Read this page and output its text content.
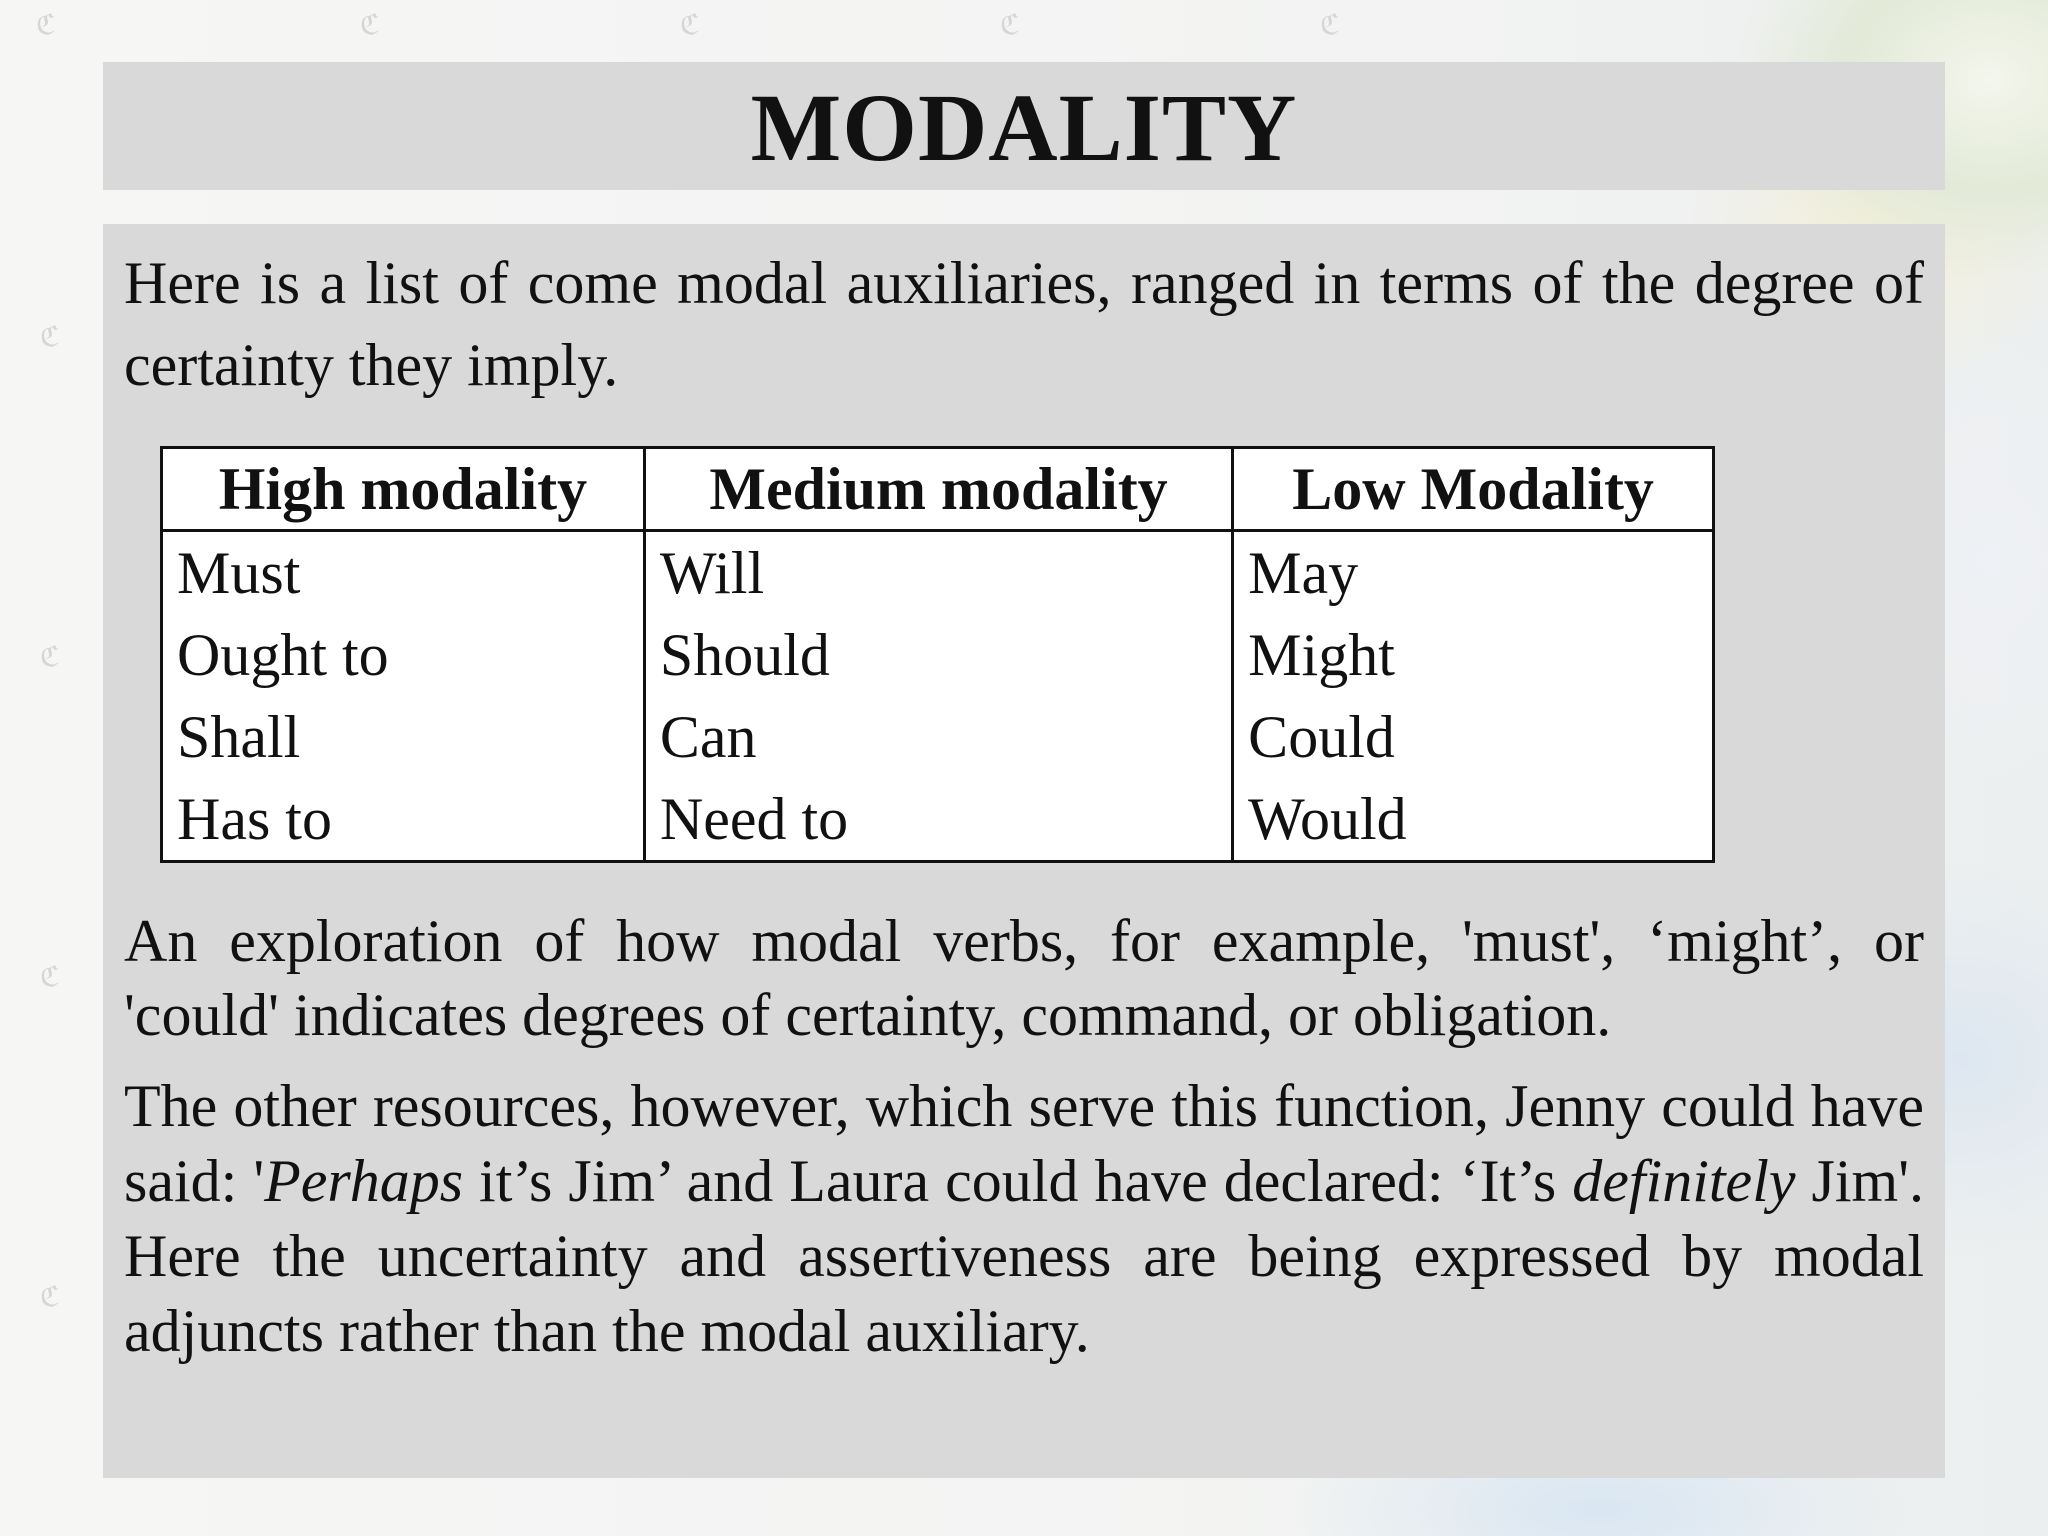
ℭ	ℭ	ℭ	ℭ	ℭ
ℭ
ℭ
ℭ
ℭ
MODALITY

Here is a list of come modal auxiliaries, ranged in terms of the degree of certainty they imply.

High modality	Medium modality	Low Modality
Must	Will	May
Ought to	Should	Might
Shall	Can	Could
Has to	Need to	Would

An exploration of how modal verbs, for example, 'must', ‘might’, or 'could' indicates degrees of certainty, command, or obligation.

The other resources, however, which serve this function, Jenny could have said: 'Perhaps it’s Jim’ and Laura could have declared: ‘It’s definitely Jim'. Here the uncertainty and assertiveness are being expressed by modal adjuncts rather than the modal auxiliary.
